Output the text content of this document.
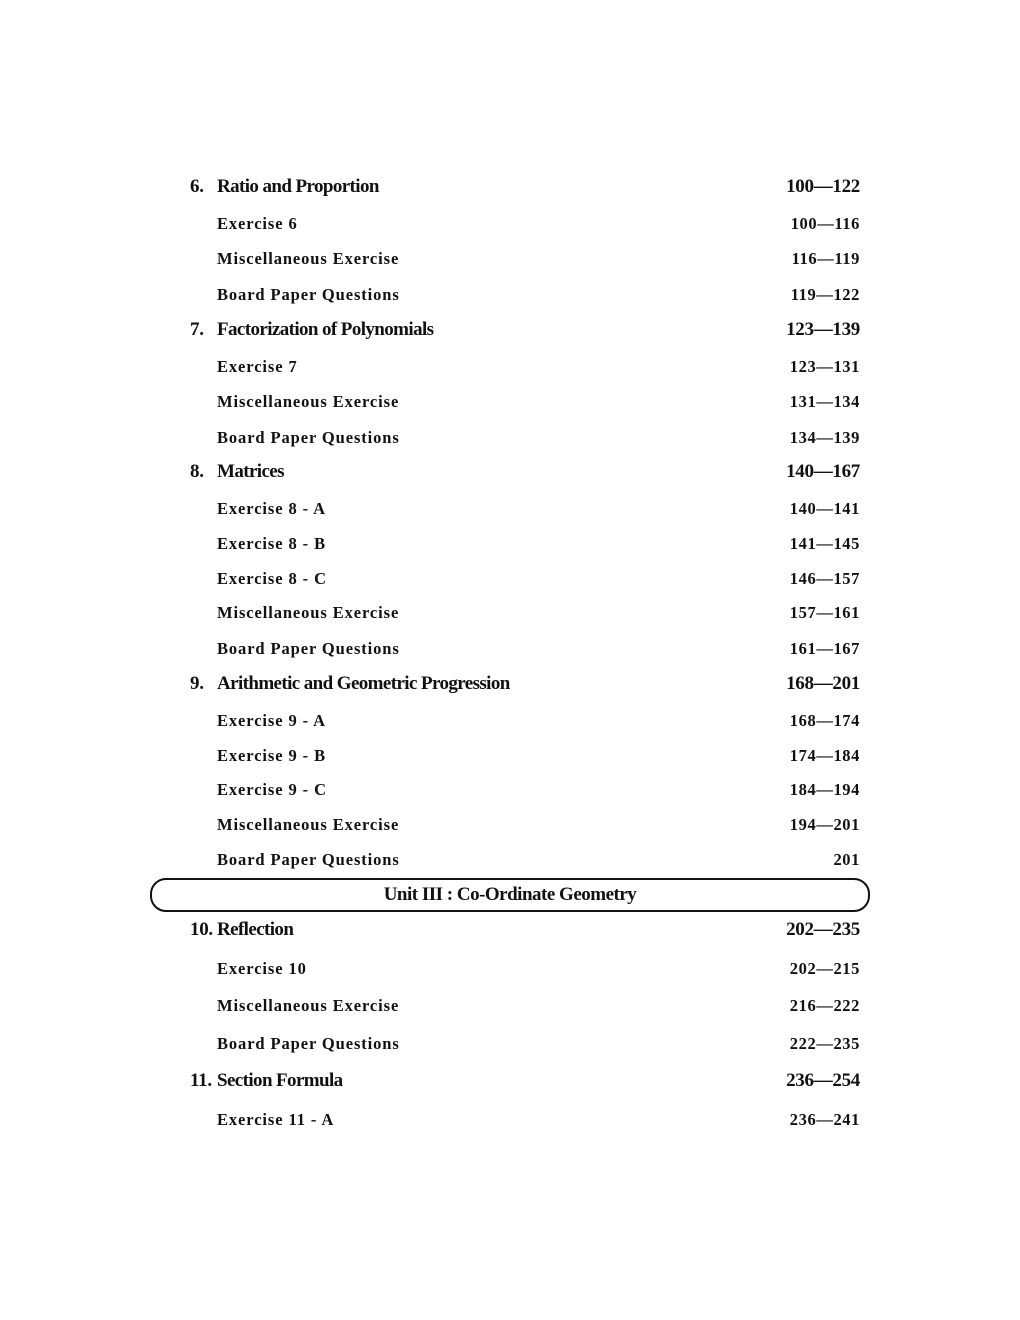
6. Ratio and Proportion	100—122
Exercise 6	100—116
Miscellaneous Exercise	116—119
Board Paper Questions	119—122
7. Factorization of Polynomials	123—139
Exercise 7	123—131
Miscellaneous Exercise	131—134
Board Paper Questions	134—139
8. Matrices	140—167
Exercise 8 - A	140—141
Exercise 8 - B	141—145
Exercise 8 - C	146—157
Miscellaneous Exercise	157—161
Board Paper Questions	161—167
9. Arithmetic and Geometric Progression	168—201
Exercise 9 - A	168—174
Exercise 9 - B	174—184
Exercise 9 - C	184—194
Miscellaneous Exercise	194—201
Board Paper Questions	201
Unit III : Co-Ordinate Geometry
10. Reflection	202—235
Exercise 10	202—215
Miscellaneous Exercise	216—222
Board Paper Questions	222—235
11. Section Formula	236—254
Exercise 11 - A	236—241
